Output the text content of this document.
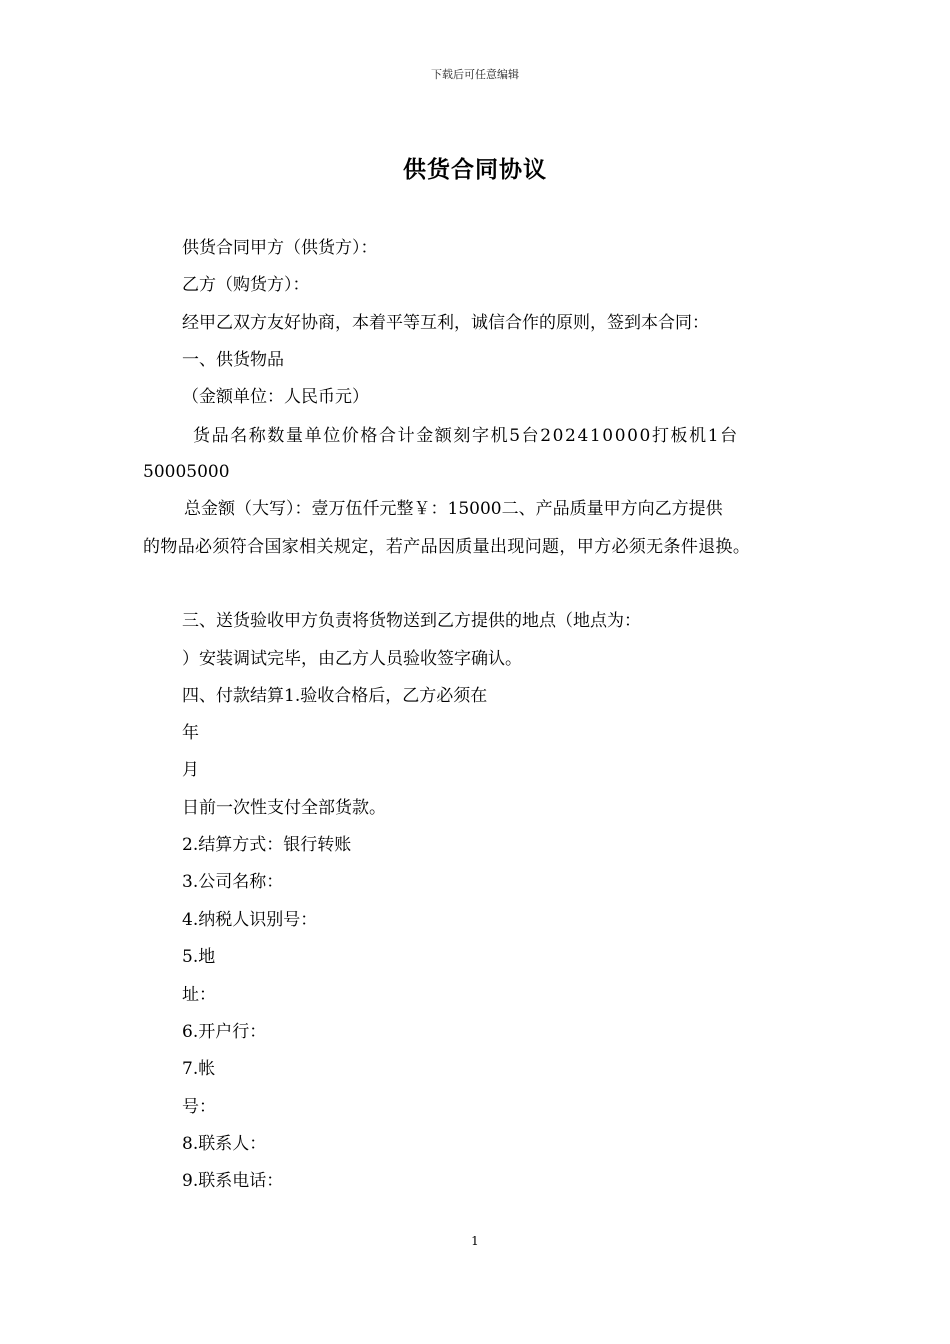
下载后可任意编辑
供货合同协议
供货合同甲方（供货方）：
乙方（购货方）：
经甲乙双方友好协商，本着平等互利，诚信合作的原则，签到本合同：
一、供货物品
（金额单位：人民币元）
货品名称数量单位价格合计金额刻字机5台202410000打板机1台
50005000
总金额（大写）：壹万伍仟元整￥：15000二、产品质量甲方向乙方提供
的物品必须符合国家相关规定，若产品因质量出现问题，甲方必须无条件退换。
三、送货验收甲方负责将货物送到乙方提供的地点（地点为：
）安装调试完毕，由乙方人员验收签字确认。
四、付款结算1.验收合格后，乙方必须在
年
月
日前一次性支付全部货款。
2.结算方式：银行转账
3.公司名称：
4.纳税人识别号：
5.地
址：
6.开户行：
7.帐
号：
8.联系人：
9.联系电话：
1
